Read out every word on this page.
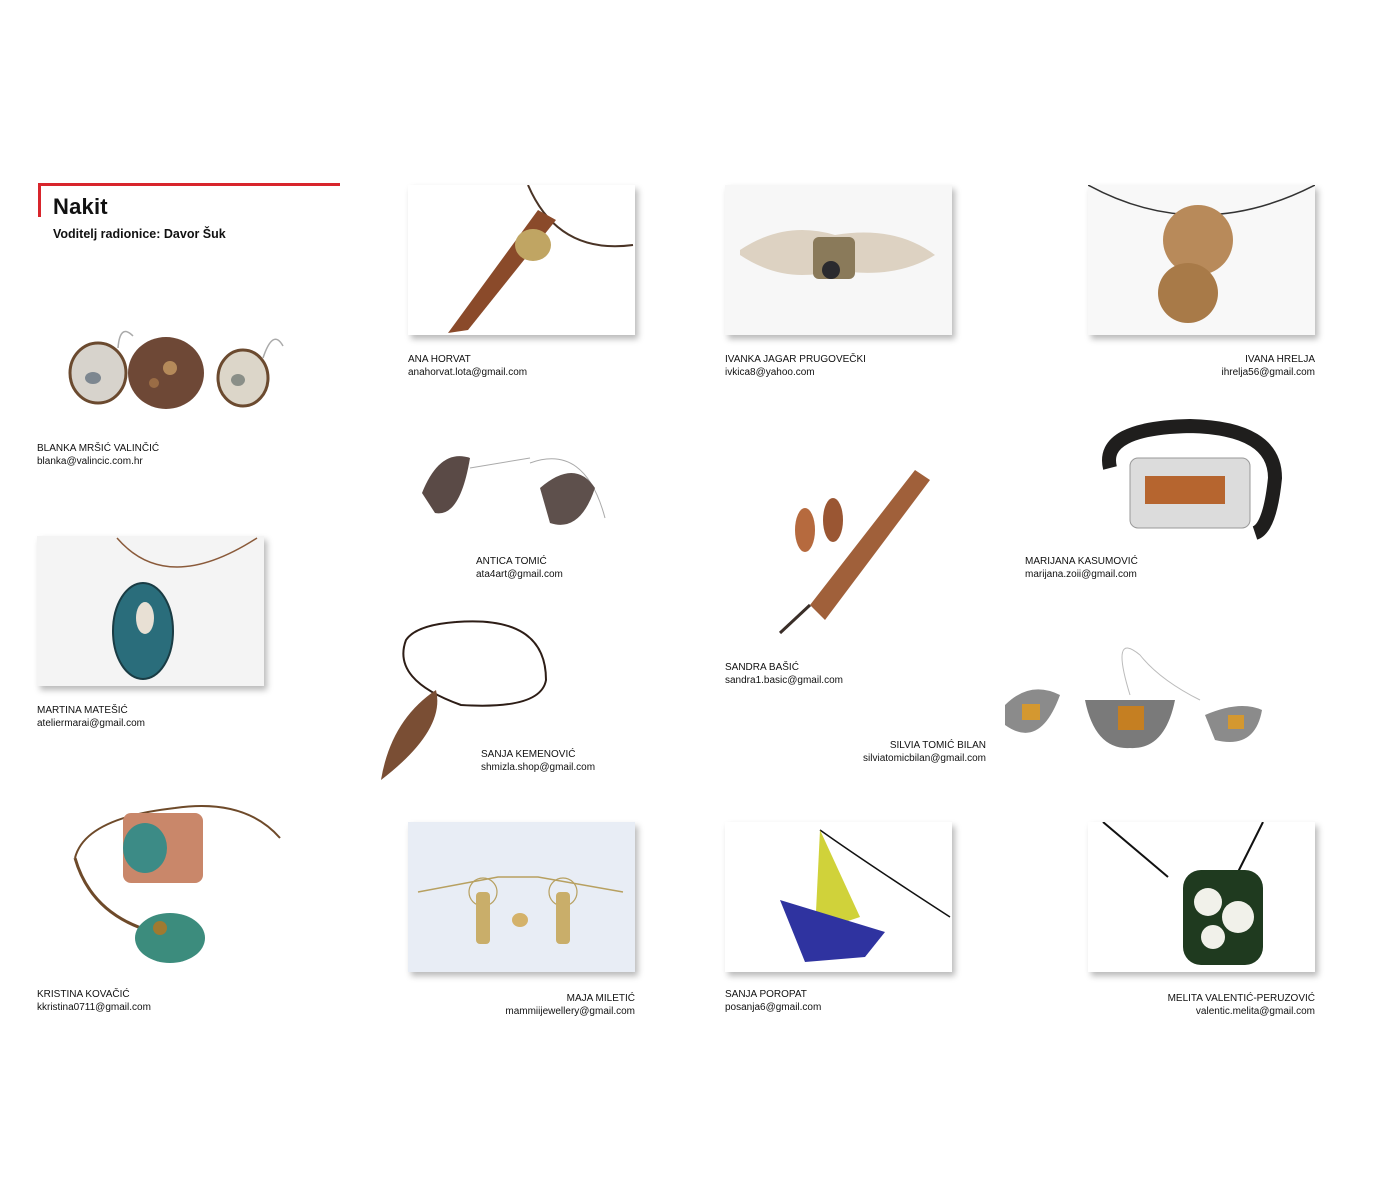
Nakit
Voditelj radionice: Davor Šuk
BLANKA MRŠIĆ VALINČIĆ
blanka@valincic.com.hr
MARTINA MATEŠIĆ
ateliermarai@gmail.com
KRISTINA KOVAČIĆ
kkristina0711@gmail.com
ANA HORVAT
anahorvat.lota@gmail.com
ANTICA TOMIĆ
ata4art@gmail.com
SANJA KEMENOVIĆ
shmizla.shop@gmail.com
MAJA MILETIĆ
mammiijewellery@gmail.com
IVANKA JAGAR PRUGOVEČKI
ivkica8@yahoo.com
SANDRA BAŠIĆ
sandra1.basic@gmail.com
SANJA POROPAT
posanja6@gmail.com
IVANA HRELJA
ihrelja56@gmail.com
MARIJANA KASUMOVIĆ
marijana.zoii@gmail.com
SILVIA TOMIĆ BILAN
silviatomicbilan@gmail.com
MELITA VALENTIĆ-PERUZOVIĆ
valentic.melita@gmail.com
